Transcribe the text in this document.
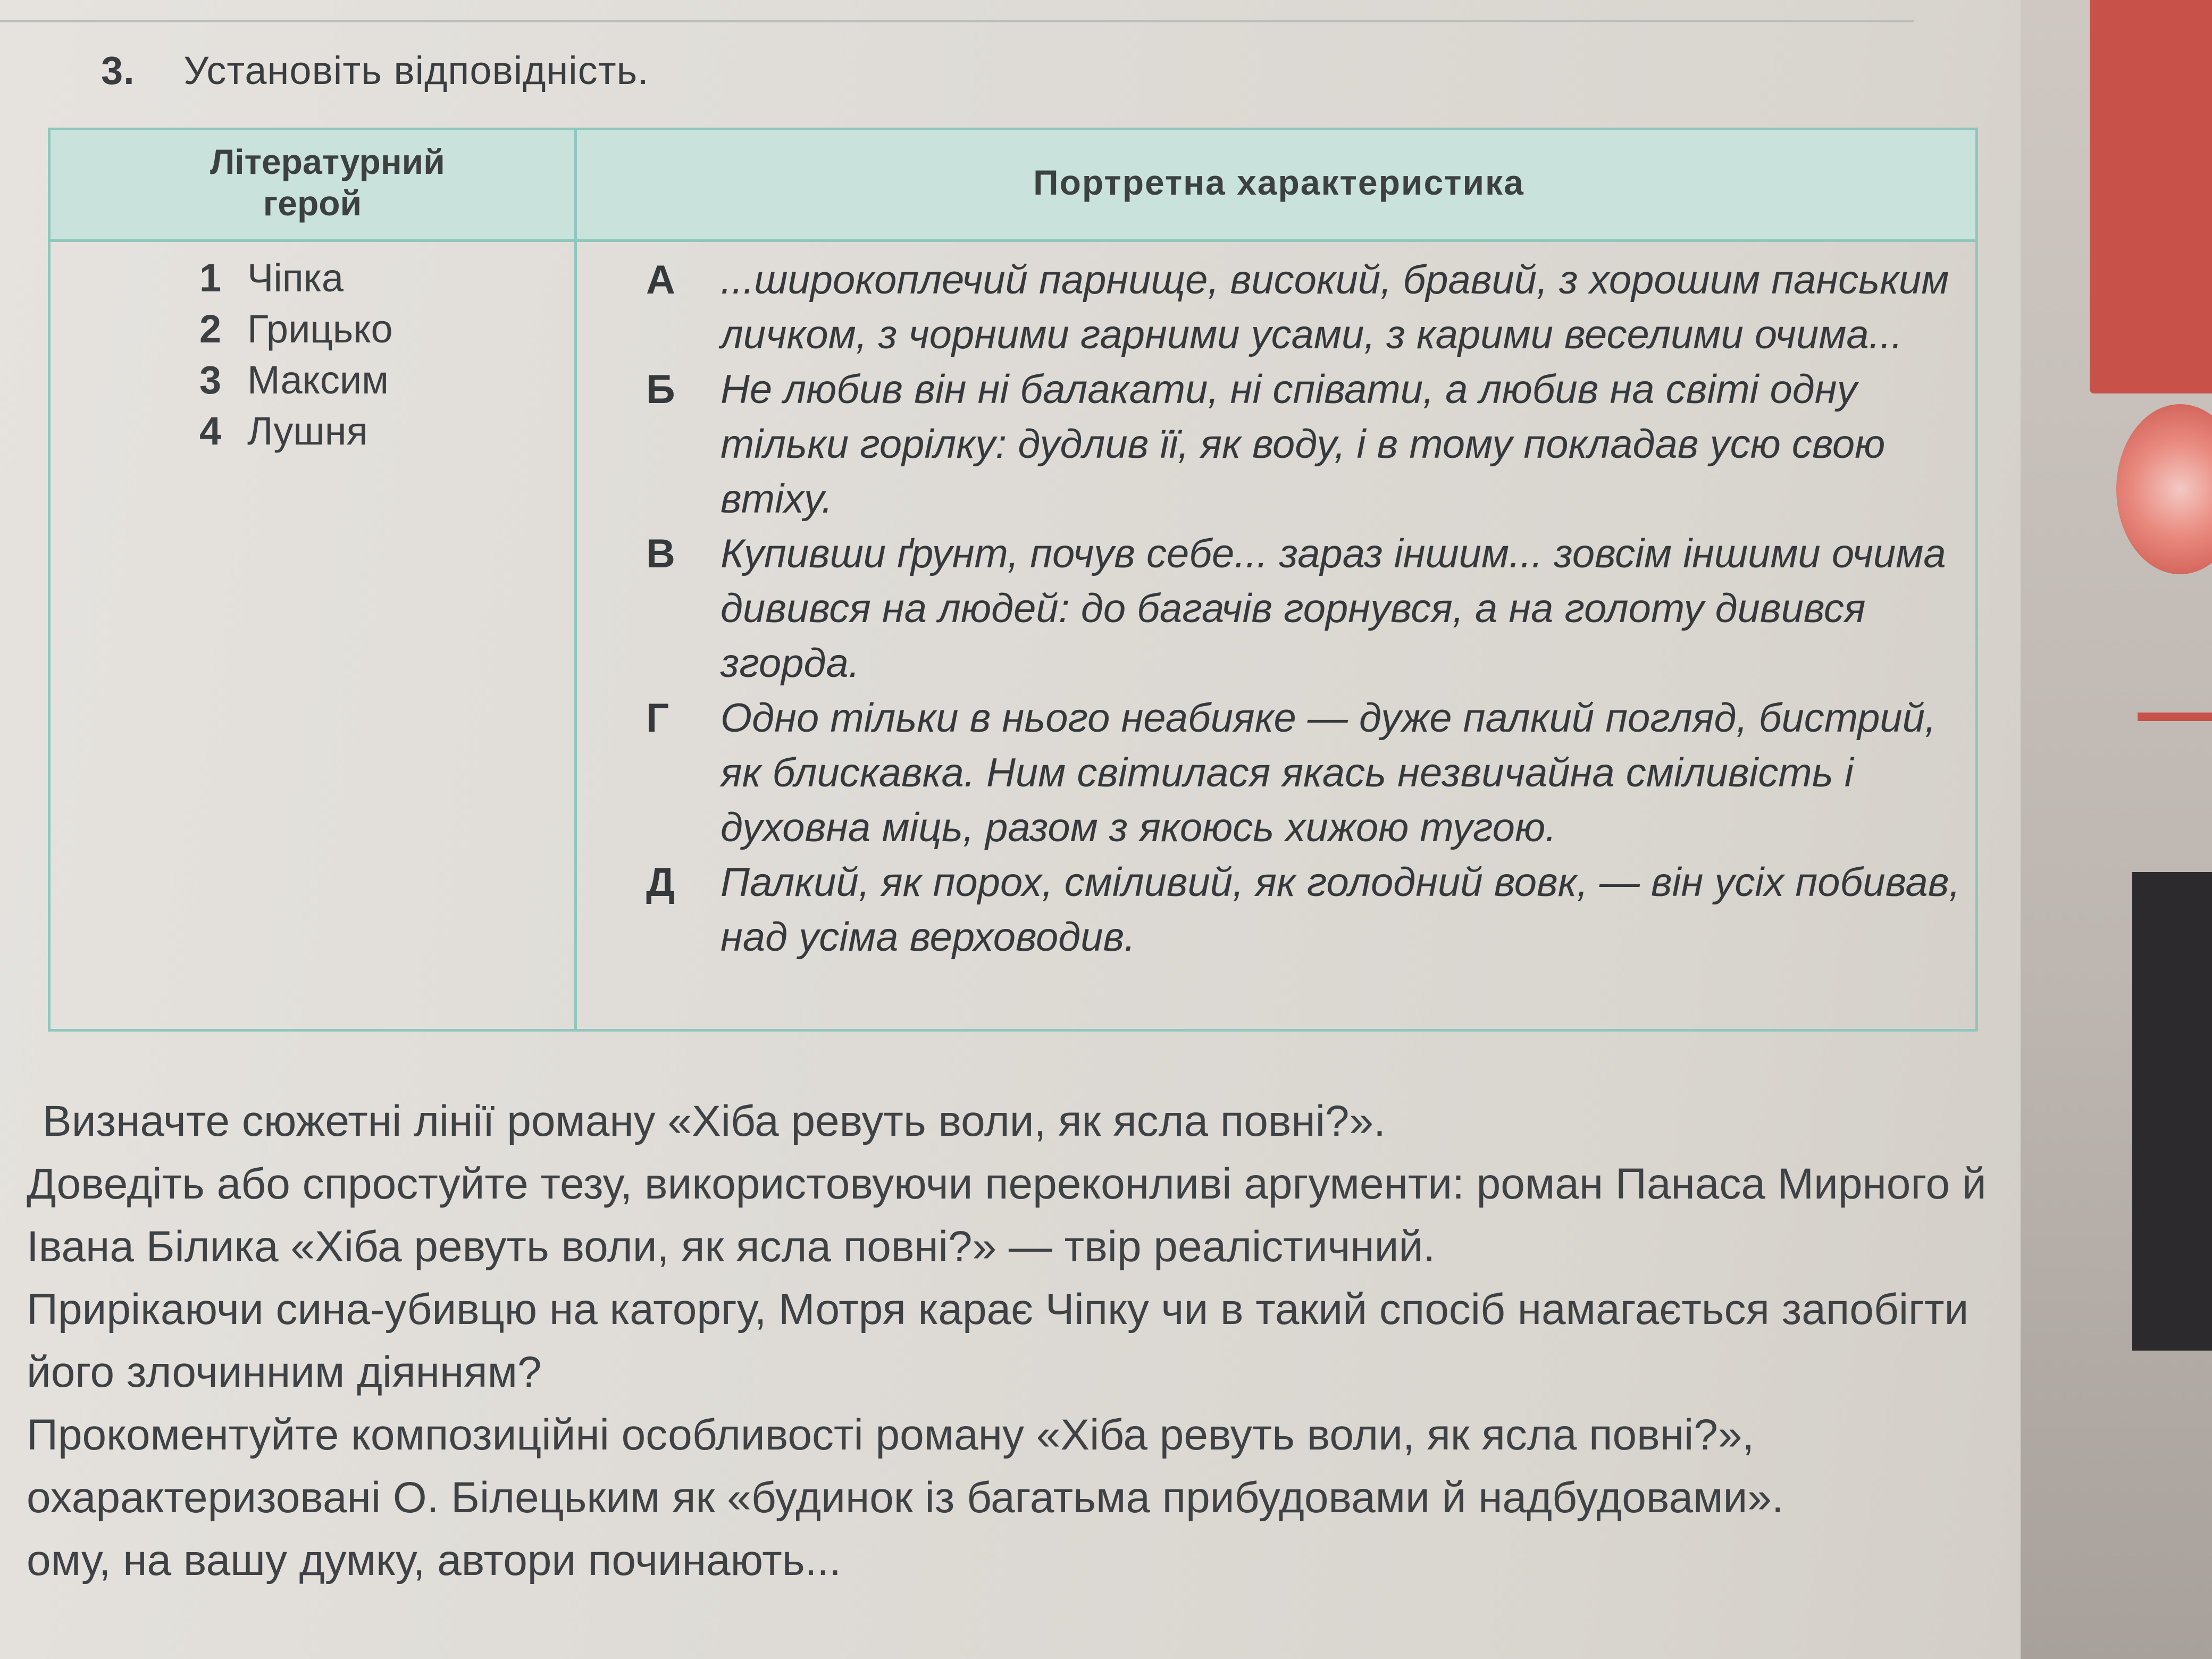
3. Установіть відповідність.
Літературний герой
Портретна характеристика
1 Чіпка
2 Грицько
3 Максим
4 Лушня
А ...широкоплечий парнище, високий, бравий, з хорошим панським личком, з чорними гарними усами, з карими веселими очима...
Б Не любив він ні балакати, ні співати, а любив на світі одну тільки горілку: дудлив її, як воду, і в тому покладав усю свою втіху.
В Купивши ґрунт, почув себе... зараз іншим... зовсім іншими очима дивився на людей: до багачів горнувся, а на голоту дивився згорда.
Г Одно тільки в нього неабияке — дуже палкий погляд, бистрий, як блискавка. Ним світилася якась незвичайна сміливість і духовна міць, разом з якоюсь хижою тугою.
Д Палкий, як порох, сміливий, як голодний вовк, — він усіх побивав, над усіма верховодив.

Визначте сюжетні лінії роману «Хіба ревуть воли, як ясла повні?».

Доведіть або спростуйте тезу, використовуючи переконливі аргументи: роман Панаса Мирного й Івана Білика «Хіба ревуть воли, як ясла повні?» — твір реалістичний.

Прирікаючи сина-убивцю на каторгу, Мотря карає Чіпку чи в такий спосіб намагається запобігти його злочинним діянням?

Прокоментуйте композиційні особливості роману «Хіба ревуть воли, як ясла повні?», охарактеризовані О. Білецьким як «будинок із багатьма прибудовами й надбудовами».

ому, на вашу думку, автори починають...
